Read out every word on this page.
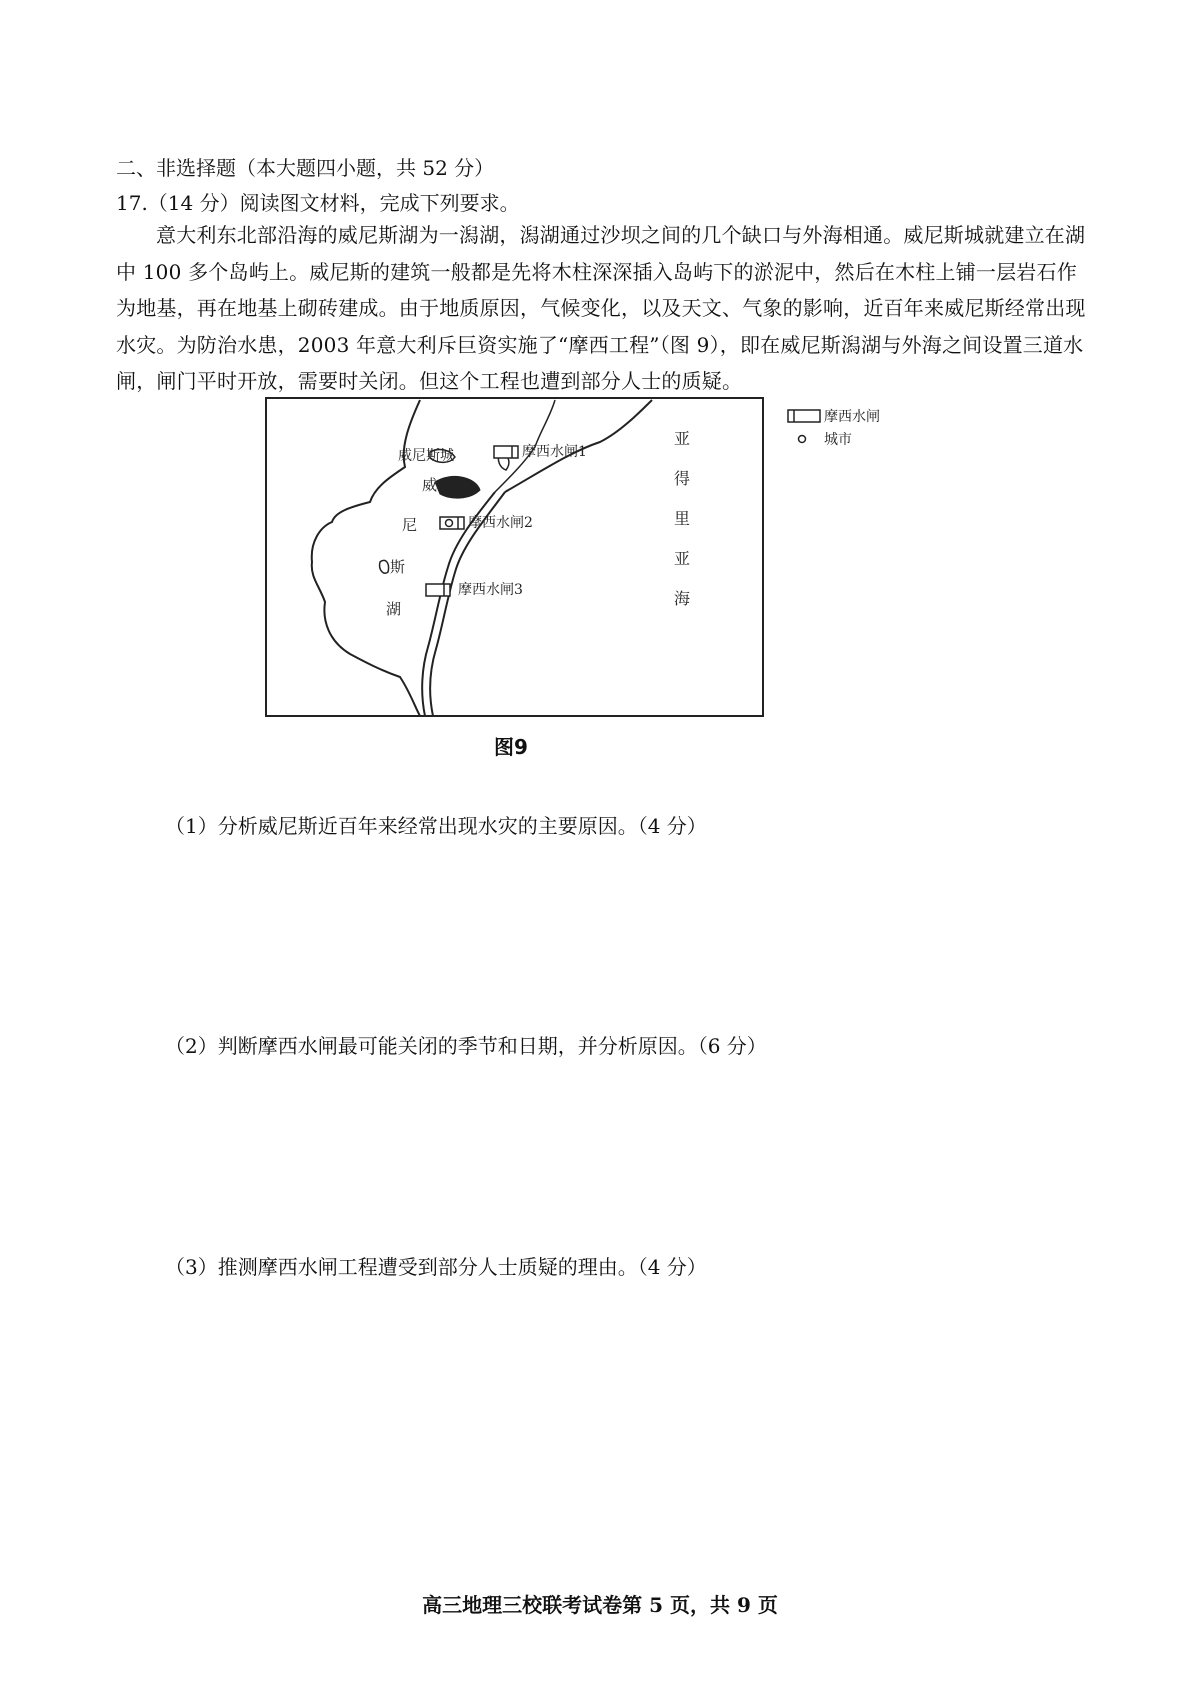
二、非选择题（本大题四小题，共 52 分）
17.（14 分）阅读图文材料，完成下列要求。
意大利东北部沿海的威尼斯湖为一潟湖，潟湖通过沙坝之间的几个缺口与外海相通。威尼斯城就建立在湖中 100 多个岛屿上。威尼斯的建筑一般都是先将木柱深深插入岛屿下的淤泥中，然后在木柱上铺一层岩石作为地基，再在地基上砌砖建成。由于地质原因，气候变化，以及天文、气象的影响，近百年来威尼斯经常出现水灾。为防治水患，2003 年意大利斥巨资实施了“摩西工程”（图 9），即在威尼斯潟湖与外海之间设置三道水闸，闸门平时开放，需要时关闭。但这个工程也遭到部分人士的质疑。
威尼斯城
威
尼
斯
湖
摩西水闸1
摩西水闸2
摩西水闸3
亚
得
里
亚
海
摩西水闸
城市
图9
（1）分析威尼斯近百年来经常出现水灾的主要原因。（4 分）
（2）判断摩西水闸最可能关闭的季节和日期，并分析原因。（6 分）
（3）推测摩西水闸工程遭受到部分人士质疑的理由。（4 分）
高三地理三校联考试卷第 5 页，共 9 页
